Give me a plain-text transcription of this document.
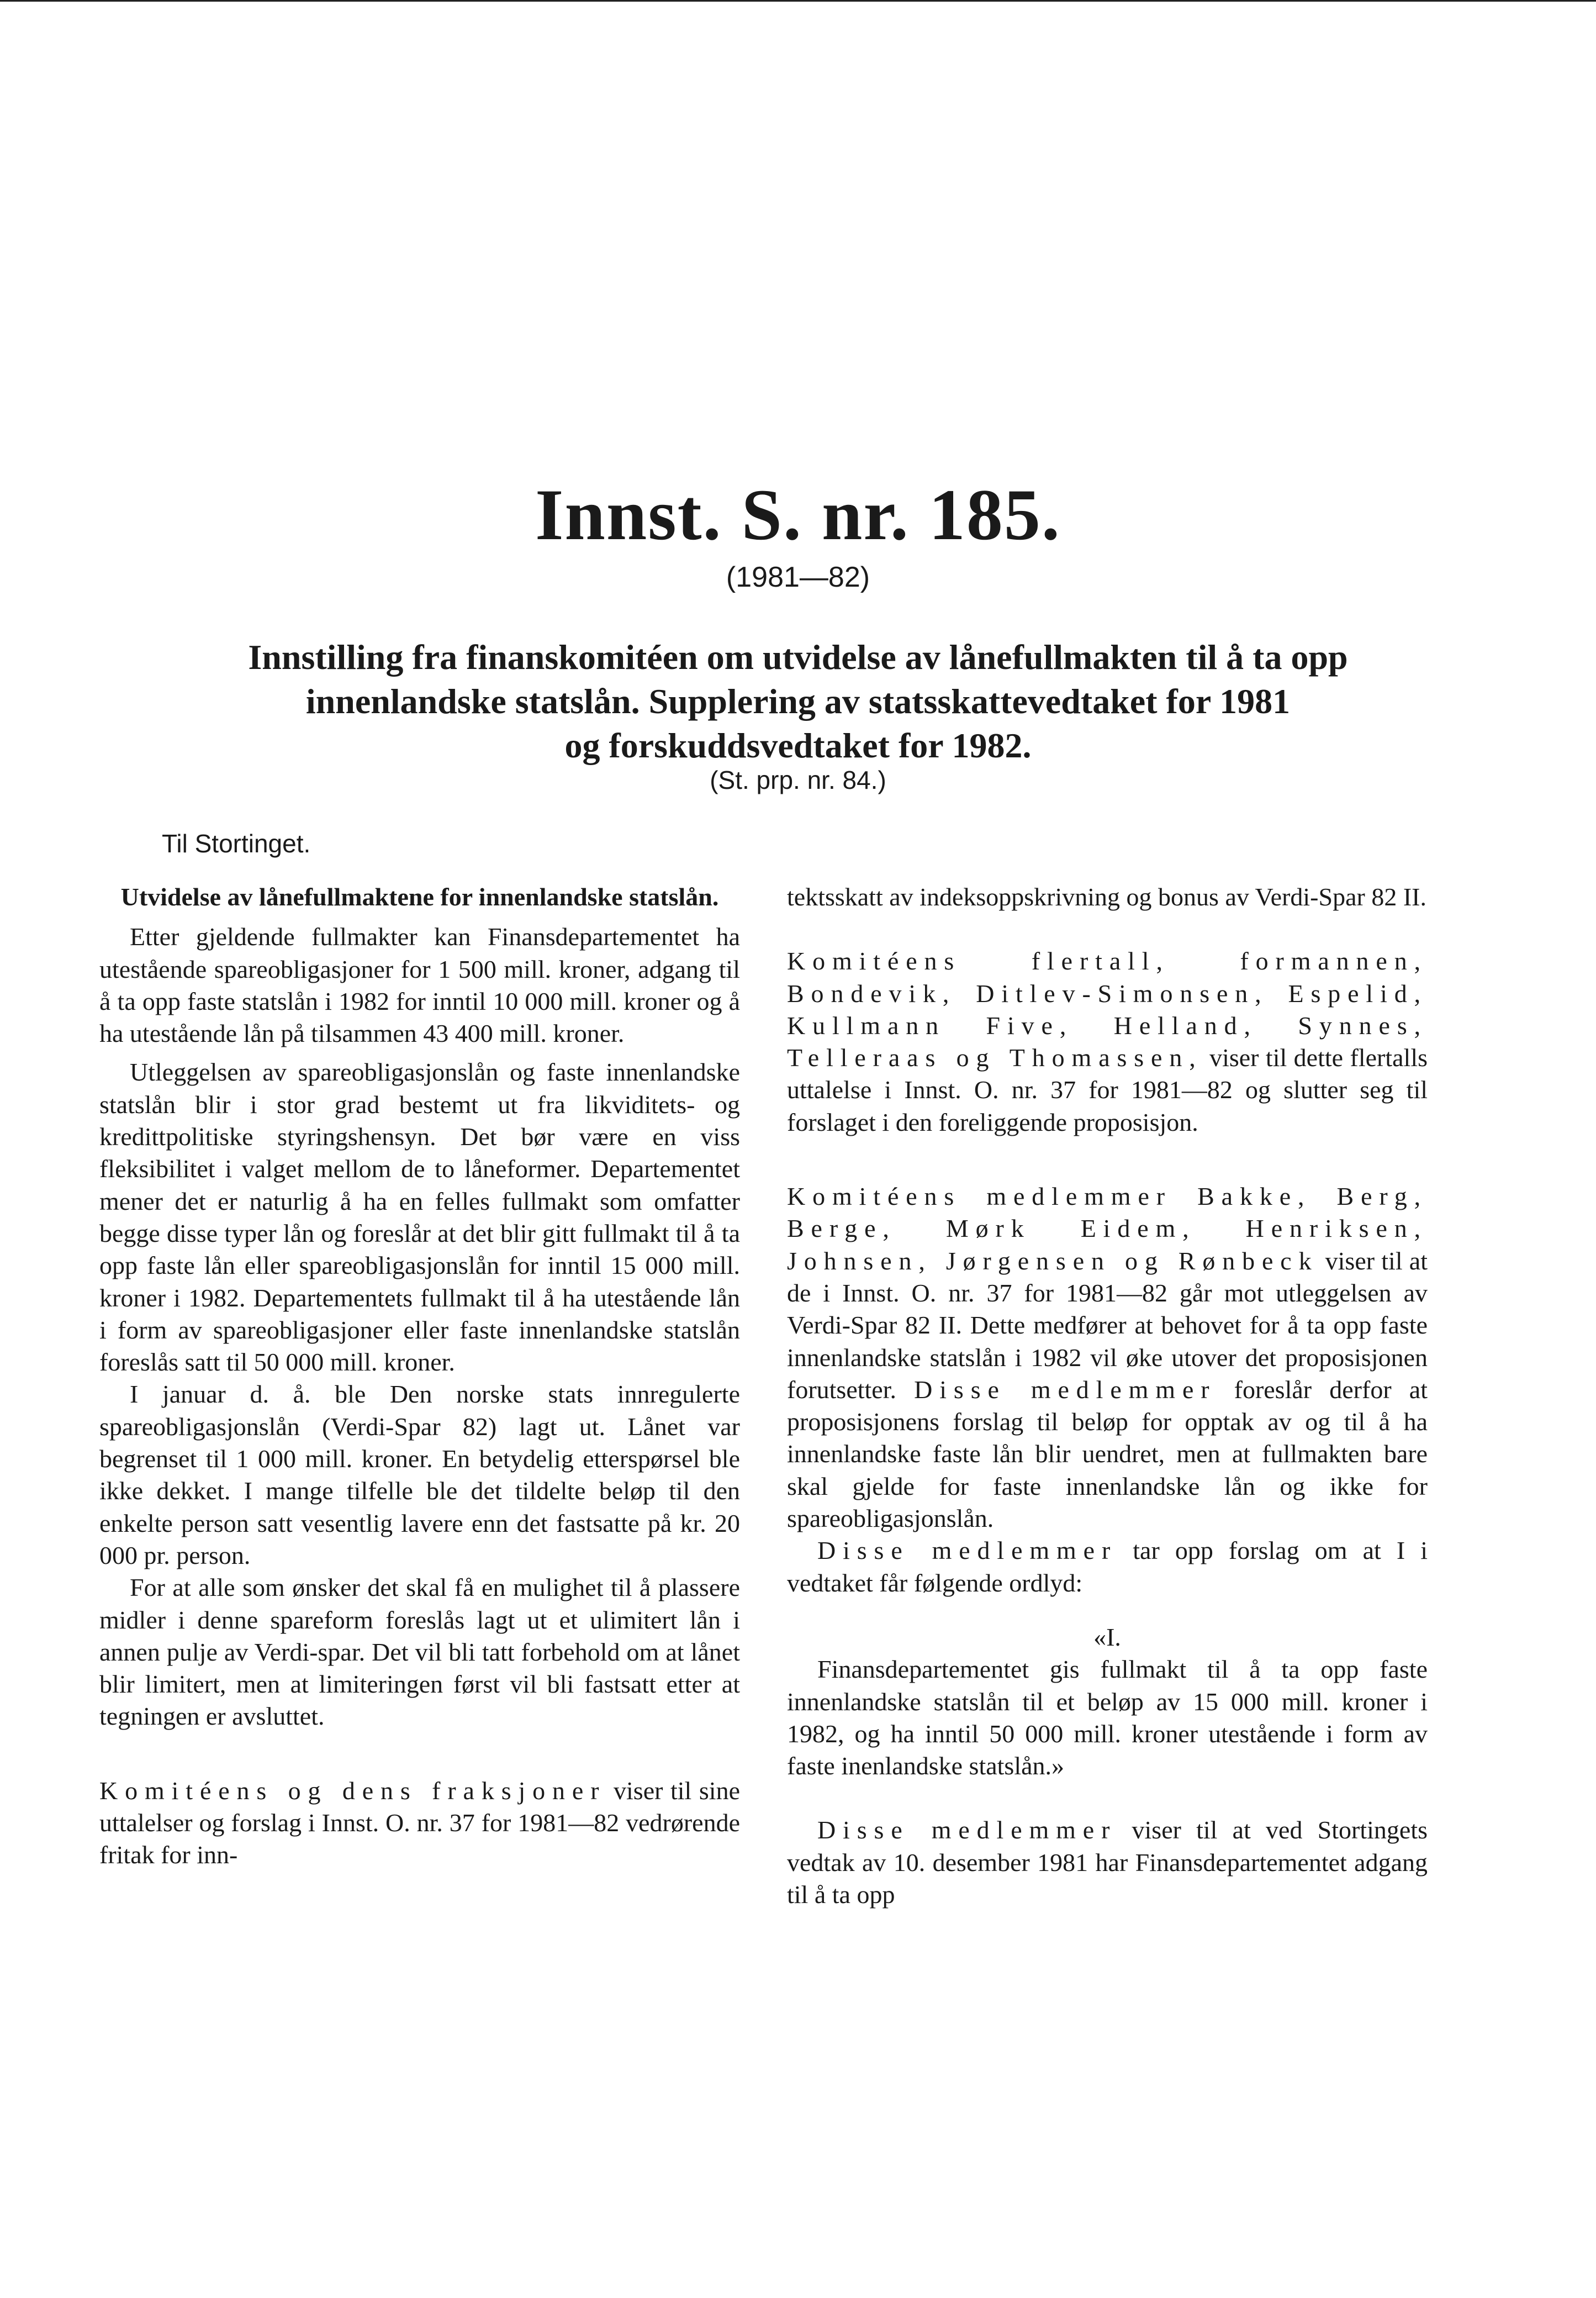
Innst. S. nr. 185.
(1981—82)
Innstilling fra finanskomitéen om utvidelse av lånefullmakten til å ta opp
innenlandske statslån. Supplering av statsskattevedtaket for 1981
og forskuddsvedtaket for 1982.
(St. prp. nr. 84.)
Til Stortinget.
Utvidelse av lånefullmaktene for innenlandske statslån.

Etter gjeldende fullmakter kan Finansdepartementet ha utestående spareobligasjoner for 1 500 mill. kroner, adgang til å ta opp faste statslån i 1982 for inntil 10 000 mill. kroner og å ha utestående lån på tilsammen 43 400 mill. kroner.

Utleggelsen av spareobligasjonslån og faste innenlandske statslån blir i stor grad bestemt ut fra likviditets- og kredittpolitiske styringshensyn. Det bør være en viss fleksibilitet i valget mellom de to låneformer. Departementet mener det er naturlig å ha en felles fullmakt som omfatter begge disse typer lån og foreslår at det blir gitt fullmakt til å ta opp faste lån eller spareobligasjonslån for inntil 15 000 mill. kroner i 1982. Departementets fullmakt til å ha utestående lån i form av spareobligasjoner eller faste innenlandske statslån foreslås satt til 50 000 mill. kroner.

I januar d. å. ble Den norske stats innregulerte spareobligasjonslån (Verdi-Spar 82) lagt ut. Lånet var begrenset til 1 000 mill. kroner. En betydelig etterspørsel ble ikke dekket. I mange tilfelle ble det tildelte beløp til den enkelte person satt vesentlig lavere enn det fastsatte på kr. 20 000 pr. person.

For at alle som ønsker det skal få en mulighet til å plassere midler i denne spareform foreslås lagt ut et ulimitert lån i annen pulje av Verdi-spar. Det vil bli tatt forbehold om at lånet blir limitert, men at limiteringen først vil bli fastsatt etter at tegningen er avsluttet.

Komitéens og dens fraksjoner viser til sine uttalelser og forslag i Innst. O. nr. 37 for 1981—82 vedrørende fritak for inn-

tektsskatt av indeksoppskrivning og bonus av Verdi-Spar 82 II.

Komitéens flertall, formannen, Bondevik, Ditlev-Simonsen, Espelid, Kullmann Five, Helland, Synnes, Telleraas og Thomassen, viser til dette flertalls uttalelse i Innst. O. nr. 37 for 1981—82 og slutter seg til forslaget i den foreliggende proposisjon.

Komitéens medlemmer Bakke, Berg, Berge, Mørk Eidem, Henriksen, Johnsen, Jørgensen og Rønbeck viser til at de i Innst. O. nr. 37 for 1981—82 går mot utleggelsen av Verdi-Spar 82 II. Dette medfører at behovet for å ta opp faste innenlandske statslån i 1982 vil øke utover det proposisjonen forutsetter. Disse medlemmer foreslår derfor at proposisjonens forslag til beløp for opptak av og til å ha innenlandske faste lån blir uendret, men at fullmakten bare skal gjelde for faste innenlandske lån og ikke for spareobligasjonslån.

Disse medlemmer tar opp forslag om at I i vedtaket får følgende ordlyd:

«I.

Finansdepartementet gis fullmakt til å ta opp faste innenlandske statslån til et beløp av 15 000 mill. kroner i 1982, og ha inntil 50 000 mill. kroner utestående i form av faste inenlandske statslån.»

Disse medlemmer viser til at ved Stortingets vedtak av 10. desember 1981 har Finansdepartementet adgang til å ta opp
